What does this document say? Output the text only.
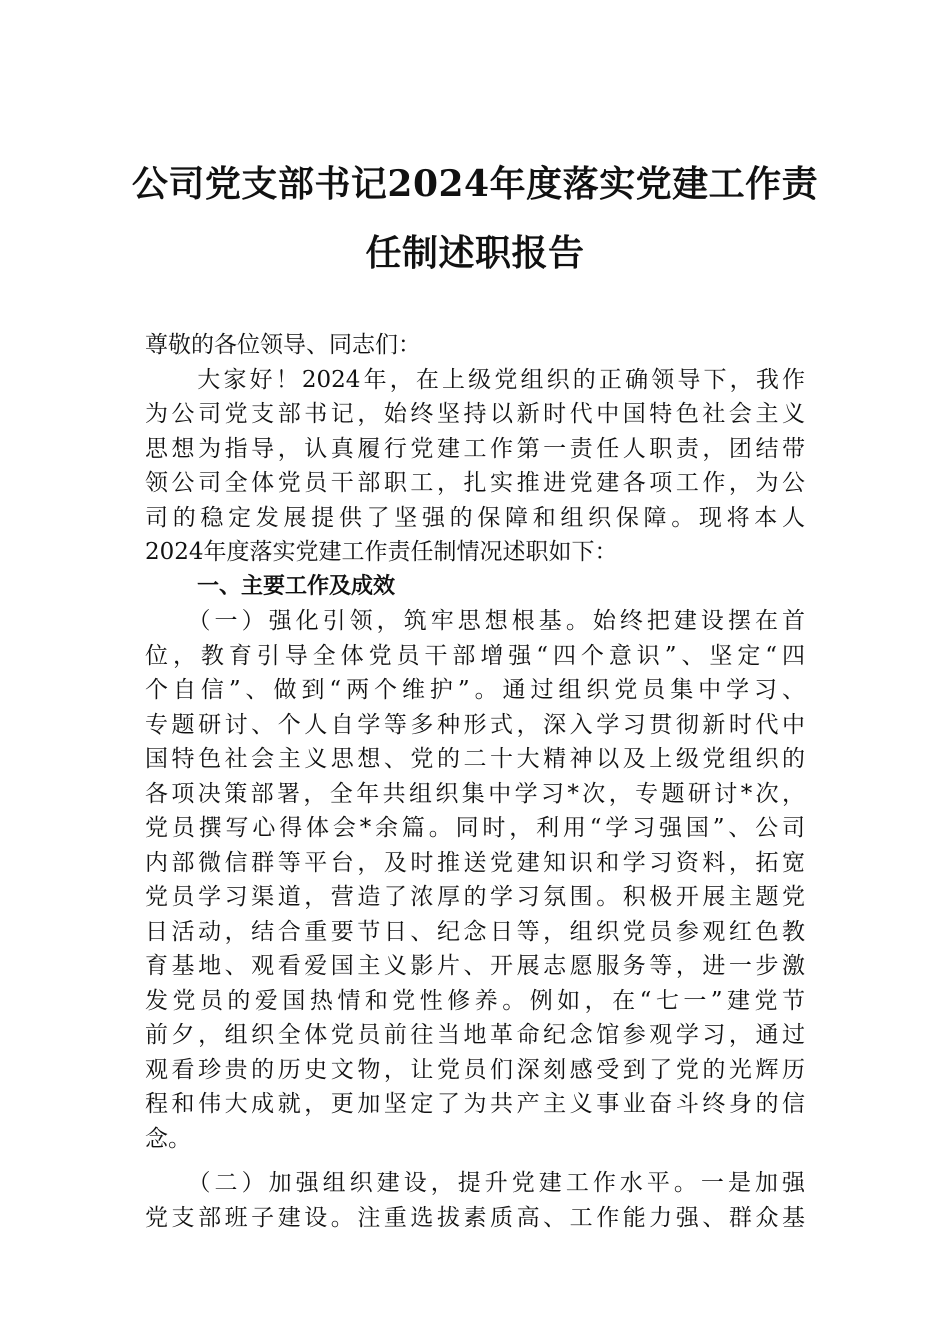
公司党支部书记2024年度落实党建工作责
任制述职报告
尊敬的各位领导、同志们：
　　大家好！2024年，在上级党组织的正确领导下，我作
为公司党支部书记，始终坚持以新时代中国特色社会主义
思想为指导，认真履行党建工作第一责任人职责，团结带
领公司全体党员干部职工，扎实推进党建各项工作，为公
司的稳定发展提供了坚强的保障和组织保障。现将本人
2024年度落实党建工作责任制情况述职如下：
一、主要工作及成效
　　（一）强化引领，筑牢思想根基。始终把建设摆在首
位，教育引导全体党员干部增强“四个意识”、坚定“四
个自信”、做到“两个维护”。通过组织党员集中学习、
专题研讨、个人自学等多种形式，深入学习贯彻新时代中
国特色社会主义思想、党的二十大精神以及上级党组织的
各项决策部署，全年共组织集中学习*次，专题研讨*次，
党员撰写心得体会*余篇。同时，利用“学习强国”、公司
内部微信群等平台，及时推送党建知识和学习资料，拓宽
党员学习渠道，营造了浓厚的学习氛围。积极开展主题党
日活动，结合重要节日、纪念日等，组织党员参观红色教
育基地、观看爱国主义影片、开展志愿服务等，进一步激
发党员的爱国热情和党性修养。例如，在“七一”建党节
前夕，组织全体党员前往当地革命纪念馆参观学习，通过
观看珍贵的历史文物，让党员们深刻感受到了党的光辉历
程和伟大成就，更加坚定了为共产主义事业奋斗终身的信
念。
　　（二）加强组织建设，提升党建工作水平。一是加强
党支部班子建设。注重选拔素质高、工作能力强、群众基
